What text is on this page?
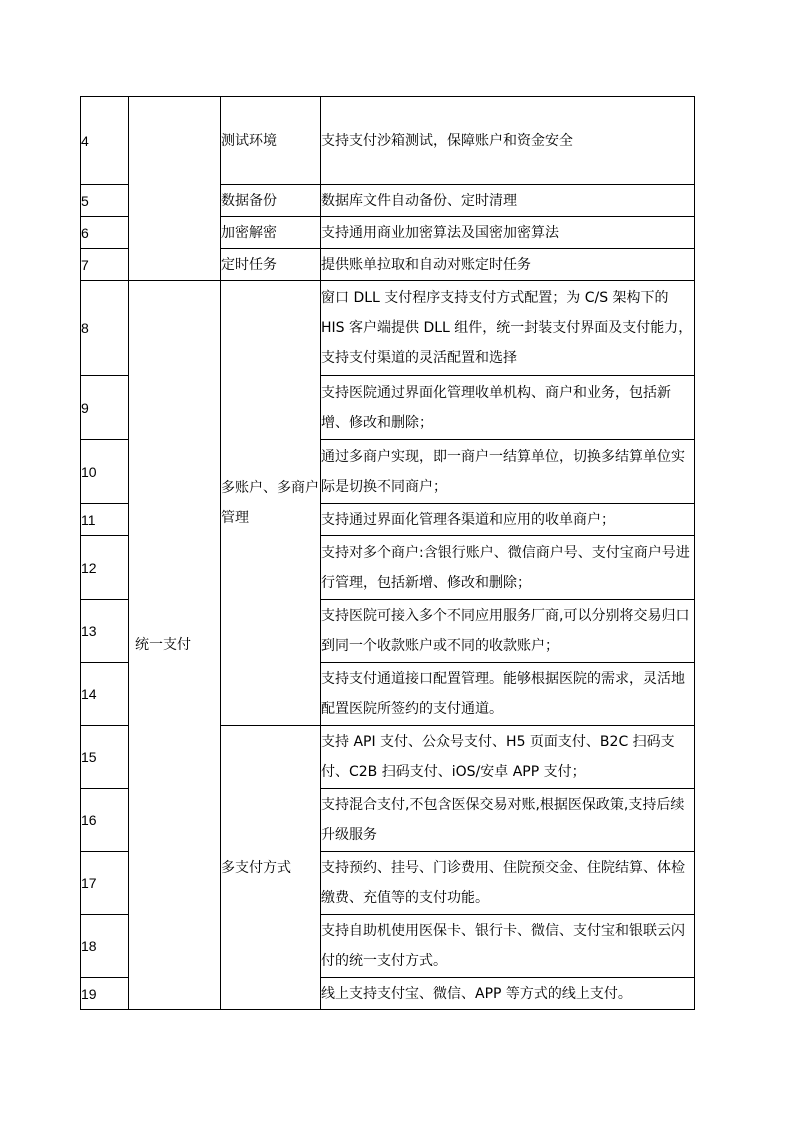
4		测试环境	支持支付沙箱测试，保障账户和资金安全
5		数据备份	数据库文件自动备份、定时清理
6		加密解密	支持通用商业加密算法及国密加密算法
7		定时任务	提供账单拉取和自动对账定时任务
8	统一支付	多账户、多商户管理	窗口 DLL 支付程序支持支付方式配置；为 C/S 架构下的 HIS 客户端提供 DLL 组件，统一封装支付界面及支付能力，支持支付渠道的灵活配置和选择
9			支持医院通过界面化管理收单机构、商户和业务，包括新增、修改和删除；
10			通过多商户实现，即一商户一结算单位，切换多结算单位实际是切换不同商户；
11			支持通过界面化管理各渠道和应用的收单商户；
12			支持对多个商户:含银行账户、微信商户号、支付宝商户号进行管理，包括新增、修改和删除；
13			支持医院可接入多个不同应用服务厂商,可以分别将交易归口到同一个收款账户或不同的收款账户；
14			支持支付通道接口配置管理。能够根据医院的需求，灵活地配置医院所签约的支付通道。
15		多支付方式	支持 API 支付、公众号支付、H5 页面支付、B2C 扫码支付、C2B 扫码支付、iOS/安卓 APP 支付；
16			支持混合支付,不包含医保交易对账,根据医保政策,支持后续升级服务
17			支持预约、挂号、门诊费用、住院预交金、住院结算、体检缴费、充值等的支付功能。
18			支持自助机使用医保卡、银行卡、微信、支付宝和银联云闪付的统一支付方式。
19			线上支持支付宝、微信、APP 等方式的线上支付。
